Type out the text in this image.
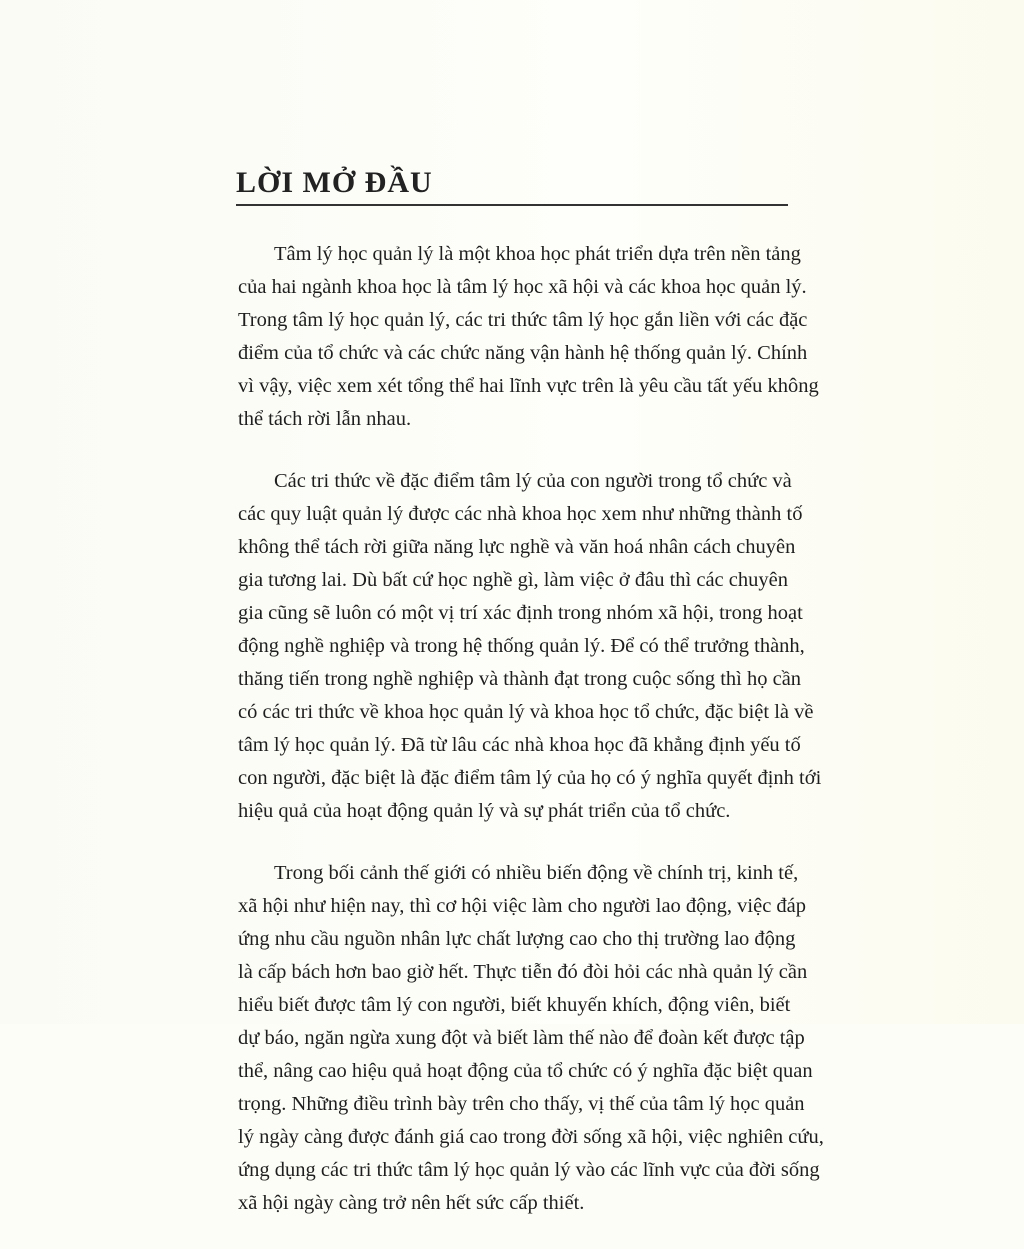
LỜI MỞ ĐẦU
Tâm lý học quản lý là một khoa học phát triển dựa trên nền tảng
của hai ngành khoa học là tâm lý học xã hội và các khoa học quản lý.
Trong tâm lý học quản lý, các tri thức tâm lý học gắn liền với các đặc
điểm của tổ chức và các chức năng vận hành hệ thống quản lý. Chính
vì vậy, việc xem xét tổng thể hai lĩnh vực trên là yêu cầu tất yếu không
thể tách rời lẫn nhau.
Các tri thức về đặc điểm tâm lý của con người trong tổ chức và
các quy luật quản lý được các nhà khoa học xem như những thành tố
không thể tách rời giữa năng lực nghề và văn hoá nhân cách chuyên
gia tương lai. Dù bất cứ học nghề gì, làm việc ở đâu thì các chuyên
gia cũng sẽ luôn có một vị trí xác định trong nhóm xã hội, trong hoạt
động nghề nghiệp và trong hệ thống quản lý. Để có thể trưởng thành,
thăng tiến trong nghề nghiệp và thành đạt trong cuộc sống thì họ cần
có các tri thức về khoa học quản lý và khoa học tổ chức, đặc biệt là về
tâm lý học quản lý. Đã từ lâu các nhà khoa học đã khẳng định yếu tố
con người, đặc biệt là đặc điểm tâm lý của họ có ý nghĩa quyết định tới
hiệu quả của hoạt động quản lý và sự phát triển của tổ chức.
Trong bối cảnh thế giới có nhiều biến động về chính trị, kinh tế,
xã hội như hiện nay, thì cơ hội việc làm cho người lao động, việc đáp
ứng nhu cầu nguồn nhân lực chất lượng cao cho thị trường lao động
là cấp bách hơn bao giờ hết. Thực tiễn đó đòi hỏi các nhà quản lý cần
hiểu biết được tâm lý con người, biết khuyến khích, động viên, biết
dự báo, ngăn ngừa xung đột và biết làm thế nào để đoàn kết được tập
thể, nâng cao hiệu quả hoạt động của tổ chức có ý nghĩa đặc biệt quan
trọng. Những điều trình bày trên cho thấy, vị thế của tâm lý học quản
lý ngày càng được đánh giá cao trong đời sống xã hội, việc nghiên cứu,
ứng dụng các tri thức tâm lý học quản lý vào các lĩnh vực của đời sống
xã hội ngày càng trở nên hết sức cấp thiết.
